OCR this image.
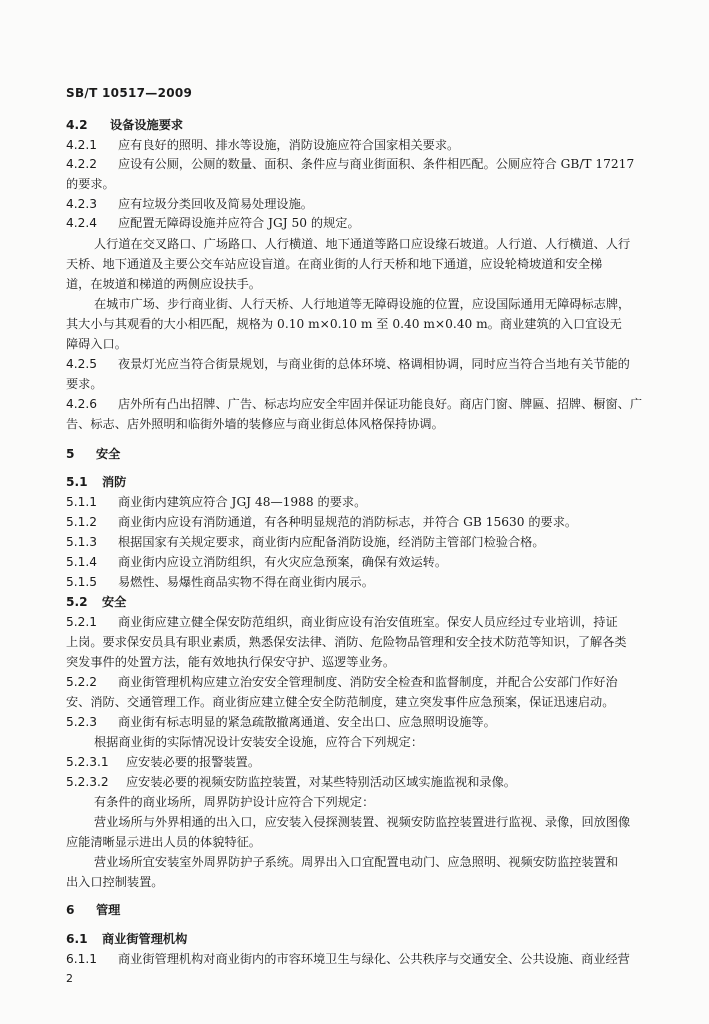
SB/T 10517—2009
4.2 设备设施要求
4.2.1 应有良好的照明、排水等设施，消防设施应符合国家相关要求。
4.2.2 应设有公厕，公厕的数量、面积、条件应与商业街面积、条件相匹配。公厕应符合 GB/T 17217
的要求。
4.2.3 应有垃圾分类回收及简易处理设施。
4.2.4 应配置无障碍设施并应符合 JGJ 50 的规定。
人行道在交叉路口、广场路口、人行横道、地下通道等路口应设缘石坡道。人行道、人行横道、人行
天桥、地下通道及主要公交车站应设盲道。在商业街的人行天桥和地下通道，应设轮椅坡道和安全梯
道，在坡道和梯道的两侧应设扶手。
在城市广场、步行商业街、人行天桥、人行地道等无障碍设施的位置，应设国际通用无障碍标志牌，
其大小与其观看的大小相匹配，规格为 0.10 m×0.10 m 至 0.40 m×0.40 m。商业建筑的入口宜设无
障碍入口。
4.2.5 夜景灯光应当符合街景规划，与商业街的总体环境、格调相协调，同时应当符合当地有关节能的
要求。
4.2.6 店外所有凸出招牌、广告、标志均应安全牢固并保证功能良好。商店门窗、牌匾、招牌、橱窗、广
告、标志、店外照明和临街外墙的装修应与商业街总体风格保持协调。
5 安全
5.1 消防
5.1.1 商业街内建筑应符合 JGJ 48—1988 的要求。
5.1.2 商业街内应设有消防通道，有各种明显规范的消防标志，并符合 GB 15630 的要求。
5.1.3 根据国家有关规定要求，商业街内应配备消防设施，经消防主管部门检验合格。
5.1.4 商业街内应设立消防组织，有火灾应急预案，确保有效运转。
5.1.5 易燃性、易爆性商品实物不得在商业街内展示。
5.2 安全
5.2.1 商业街应建立健全保安防范组织，商业街应设有治安值班室。保安人员应经过专业培训，持证
上岗。要求保安员具有职业素质，熟悉保安法律、消防、危险物品管理和安全技术防范等知识，了解各类
突发事件的处置方法，能有效地执行保安守护、巡逻等业务。
5.2.2 商业街管理机构应建立治安安全管理制度、消防安全检查和监督制度，并配合公安部门作好治
安、消防、交通管理工作。商业街应建立健全安全防范制度，建立突发事件应急预案，保证迅速启动。
5.2.3 商业街有标志明显的紧急疏散撤离通道、安全出口、应急照明设施等。
根据商业街的实际情况设计安装安全设施，应符合下列规定：
5.2.3.1 应安装必要的报警装置。
5.2.3.2 应安装必要的视频安防监控装置，对某些特别活动区域实施监视和录像。
有条件的商业场所，周界防护设计应符合下列规定：
营业场所与外界相通的出入口，应安装入侵探测装置、视频安防监控装置进行监视、录像，回放图像
应能清晰显示进出人员的体貌特征。
营业场所宜安装室外周界防护子系统。周界出入口宜配置电动门、应急照明、视频安防监控装置和
出入口控制装置。
6 管理
6.1 商业街管理机构
6.1.1 商业街管理机构对商业街内的市容环境卫生与绿化、公共秩序与交通安全、公共设施、商业经营
2
